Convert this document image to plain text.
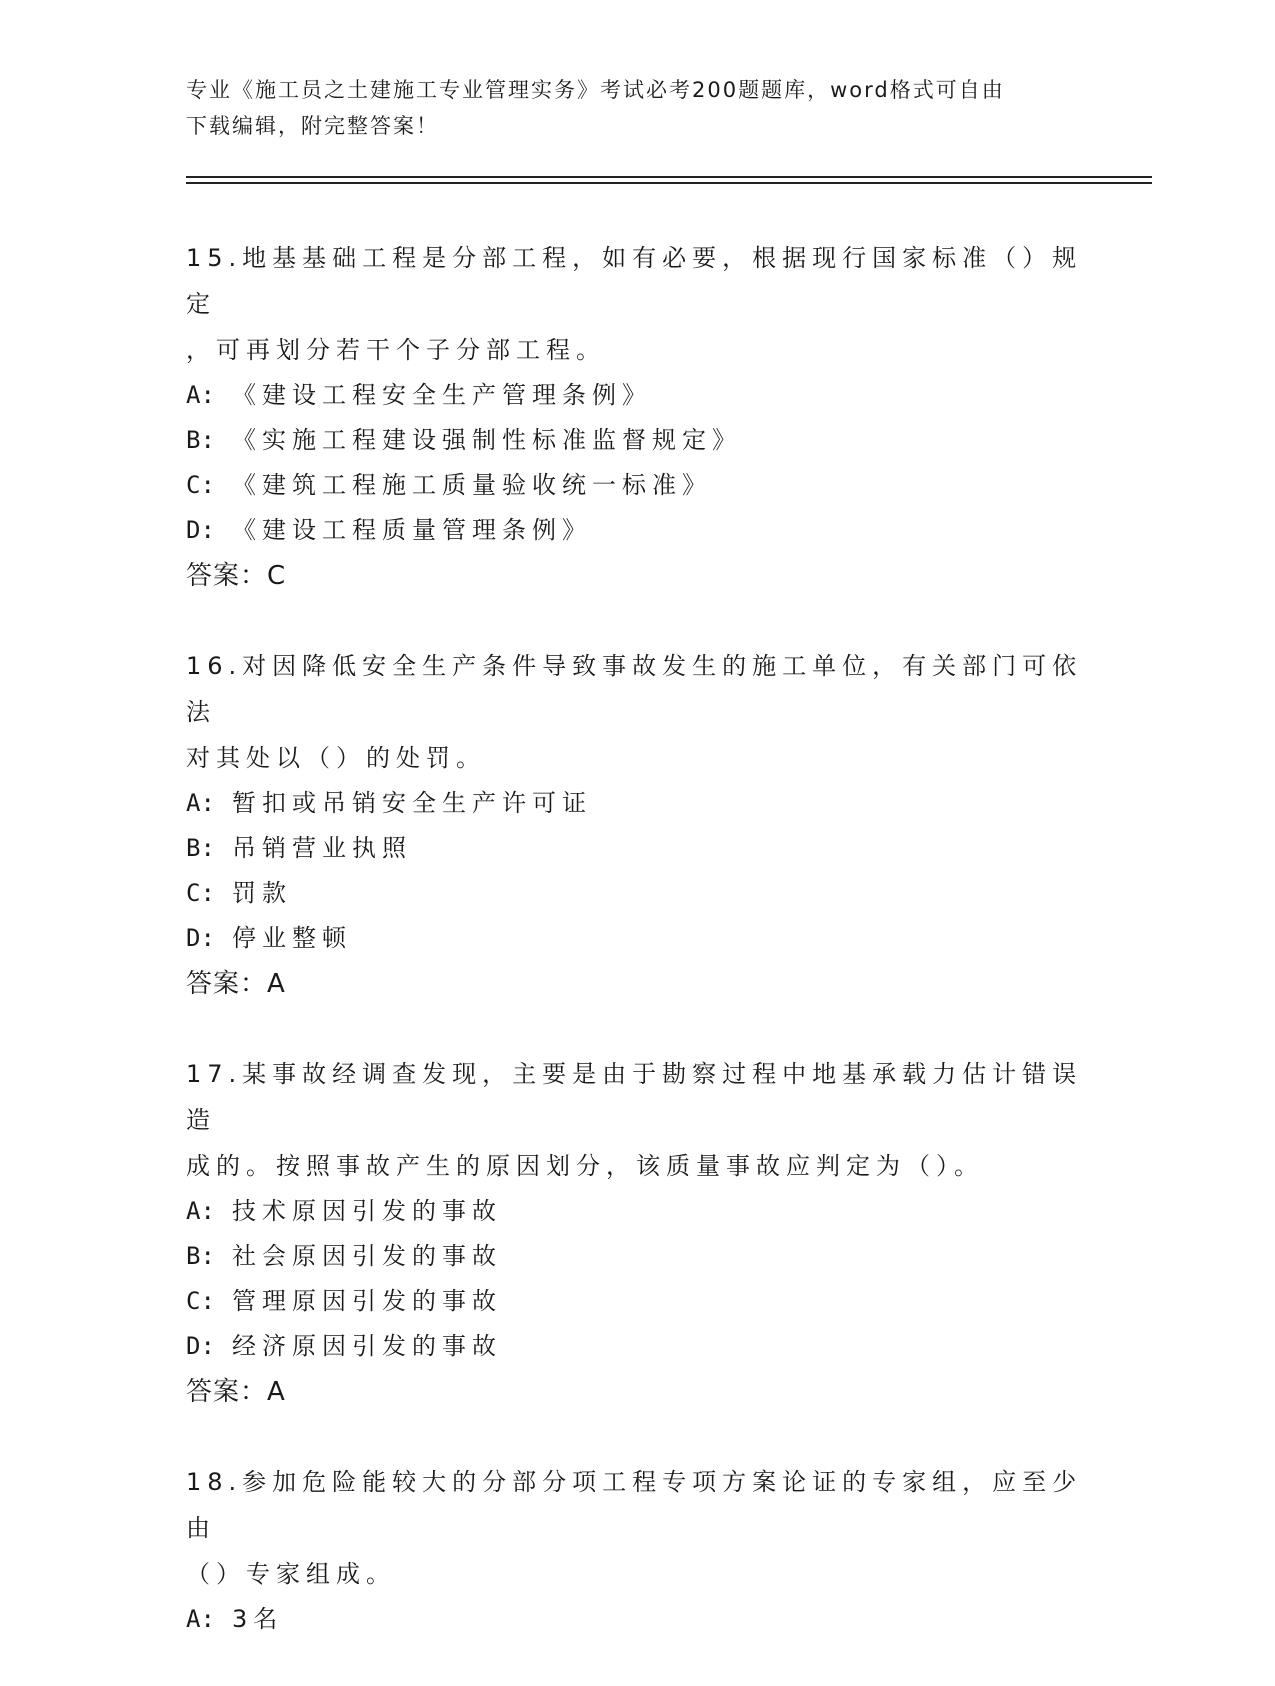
专业《施工员之土建施工专业管理实务》考试必考200题题库，word格式可自由
下载编辑，附完整答案！
15.地基基础工程是分部工程，如有必要，根据现行国家标准（）规定
，可再划分若干个子分部工程。
A: 《建设工程安全生产管理条例》
B: 《实施工程建设强制性标准监督规定》
C: 《建筑工程施工质量验收统一标准》
D: 《建设工程质量管理条例》
答案：C
16.对因降低安全生产条件导致事故发生的施工单位，有关部门可依法
对其处以（）的处罚。
A: 暂扣或吊销安全生产许可证
B: 吊销营业执照
C: 罚款
D: 停业整顿
答案：A
17.某事故经调查发现，主要是由于勘察过程中地基承载力估计错误造
成的。按照事故产生的原因划分，该质量事故应判定为（）。
A: 技术原因引发的事故
B: 社会原因引发的事故
C: 管理原因引发的事故
D: 经济原因引发的事故
答案：A
18.参加危险能较大的分部分项工程专项方案论证的专家组，应至少由
（）专家组成。
A: 3名
